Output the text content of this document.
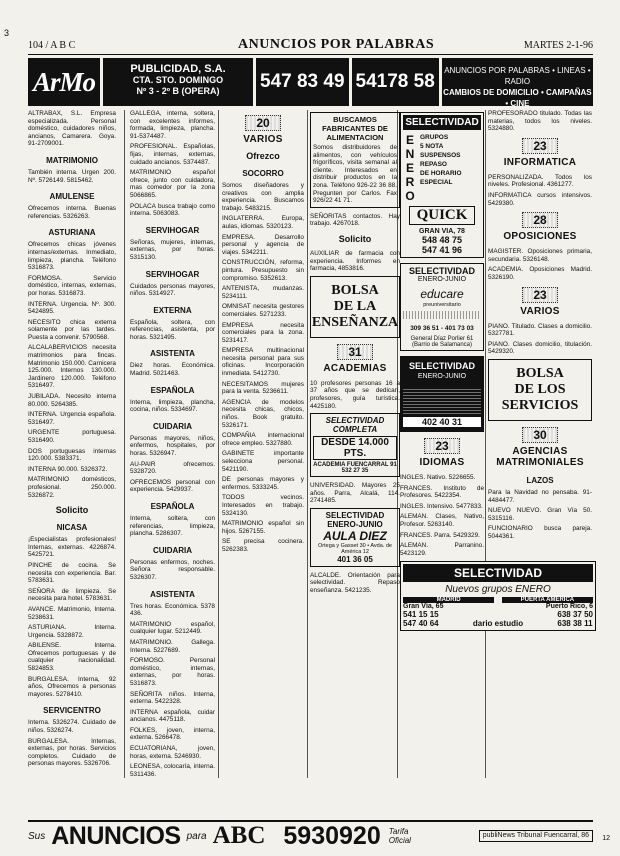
3
104 / A B C	ANUNCIOS POR PALABRAS	MARTES 2-1-96
ArMo	PUBLICIDAD, S.A.
CTA. STO. DOMINGO
Nº 3 - 2º B (OPERA)	547 83 49 54178 58
ANUNCIOS POR PALABRAS • LINEAS • RADIO
CAMBIOS DE DOMICILIO • CAMPAÑAS • CINE
ALTRABAX, S.L. Empresa especializada. Personal doméstico, cuidadores niños, ancianos, Camarera. Goya. 91-2709001.
MATRIMONIO
También interna. Urgen 200. Nº. 5726149. 5815462.
AMULENSE
Ofrecemos interna. Buenas referencias. 5326263.
ASTURIANA
Ofrecemos chicas jóvenes internas/externas. Inmediato, limpieza, plancha. Teléfono 5316873.
FORMOSA. Servicio doméstico, internas, externas, por horas. 5316873.
INTERNA. Urgencia. Nº. 300. 5424895.
NECESITO chica externa solamente por las tardes. Puesta a convenir. 5790568.
ALCALABERVICIOS necesita matrimonios para fincas. Matrimonio 150.000. Carnicera 125.000. Internos 130.000. Jardinero 120.000. Teléfono 5316497.
JUBILADA. Necesito interna 80.000. 5264385.
INTERNA. Urgencia española. 5316497.
URGENTE portuguesa. 5316490.
DOS portuguesas internas 120.000. 5383371.
INTERNA 90.000. 5326372.
MATRIMONIO domésticos, profesional. 250.000. 5326872.
Solicito
NICASA
¡Especialistas profesionales! Internas, externas. 4226874. 5425721.
PINCHE de cocina. Se necesita con experiencia. Bar. 5783631.
SEÑORA de limpieza. Se necesita para hotel. 5783631.
AVANCE. Matrimonio, Interna. 5238631.
ASTURIANA. Interna. Urgencia. 5328872.
ABILENSE. Interna. Ofrecemos portuguesas y de cualquier nacionalidad. 5824853.
BURGALESA. Interna, 92 años, Ofrecemos a personas mayores. 5278410.
SERVICENTRO
Interna. 5326274. Cuidado de niños. 5326274.
BURGALESA. Internas, externas, por horas. Servicios completos. Cuidado de personas mayores. 5326706.
GALLEGA, interna, soltera, con excelentes informes, formada, limpieza, plancha. 91-5374487.
PROFESIONAL. Españolas, fijas, internas, externas, cuidado ancianos. 5374487.
MATRIMONIO español ofrece, junto con cuidadora, mas comedor por la zona 5066865.
POLACA busca trabajo como interna. 5063083.
SERVIHOGAR
Señoras, mujeres, internas, externas, por horas. 5315130.
SERVIHOGAR
Cuidados personas mayores, niños. 5314927.
EXTERNA
Española, soltera, con referencias, asistenta, por horas. 5321495.
ASISTENTA
Diez horas. Económica. Madrid. 5021463.
ESPAÑOLA
Interna, limpieza, plancha, cocina, niños. 5334697.
CUIDARIA
Personas mayores, niños, enfermos, hospitales, por horas. 5326947.
AU-PAIR ofrecemos. 5328720.
OFRECEMOS personal con experiencia. 5429937.
ESPAÑOLA
Interna, soltera, con referencias, limpieza, plancha. 5286307.
CUIDARIA
Personas enfermos, noches. Señora responsable. 5326307.
ASISTENTA
Tres horas. Económica. 5378 436.
MATRIMONIO español, cualquier lugar. 5212449.
MATRIMONIO. Gallega. Interna. 5227689.
FORMOSO. Personal doméstico, internas, externas, por horas. 5316873.
SEÑORITA niños. Interna, externa. 5422328.
INTERNA española, cuidar ancianos. 4475118.
FOLKES, joven, interna, externa. 5266478.
ECUATORIANA, joven, horas, externa. 5246930.
LEONESA, colocaría, interna. 5311436.
20
VARIOS
Ofrezco
SOCORRO
Somos diseñadores y creativos con amplia experiencia. Buscamos trabajo. 5483215.
INGLATERRA. Europa, aulas, idiomas. 5320123.
EMPRESA. Desarrollo personal y agencia de viajes. 5342211.
CONSTRUCCIÓN, reforma, pintura. Presupuesto sin compromiso. 5352613.
ANTENISTA, mudanzas. 5234111.
OMNISAT necesita gestores comerciales. 5271233.
EMPRESA necesita comerciales para la zona. 5231417.
EMPRESA multinacional necesita personal para sus oficinas. Incorporación inmediata. 5412730.
NECESITAMOS mujeres para la venta. 5236611.
AGENCIA de modelos necesita chicas, chicos, niños. Book gratuito. 5326171.
COMPAÑIA internacional ofrece empleo. 5327880.
GABINETE importante selecciona personal. 5421190.
DE personas mayores y enfermos. 5333245.
TODOS vecinos. Interesados en trabajo. 5324130.
MATRIMONIO español sin hijos. 5267155.
SE precisa cocinera. 5262383.
BUSCAMOS FABRICANTES DE ALIMENTACION
Somos distribuidores de alimentos, con vehículos frigoríficos, visita semanal al cliente. Interesados en distribuir productos en la zona. Teléfono 926-22 36 88. Pregunten por Carlos. Fax 926/22 41 71.
SEÑORITAS contactos. Hay trabajo. 4267018.
Solicito
AUXILIAR de farmacia con experiencia. Informes en farmacia, 4853816.
BOLSA
DE LA
ENSEÑANZA
31
ACADEMIAS
10 profesores personas 16 a 37 años que se dedican, profesores, guía turística. 4425180.
SELECTIVIDAD COMPLETA
DESDE 14.000 PTS.
ACADEMIA FUENCARRAL 91 532 27 35
UNIVERSIDAD. Mayores 25 años. Parra, Alcalá, 114. 2741485.
SELECTIVIDAD ENERO-JUNIO
AULA DIEZ
Ortega y Gasset 30 • Avda. de América 12
401 36 05
ALCALDE. Orientación para selectividad. Repaso enseñanza. 5421235.
SELECTIVIDAD
E
N
E
R
O
GRUPOS
5 NOTA
SUSPENSOS
REPASO
DE HORARIO
ESPECIAL
QUICK
GRAN VIA, 78
548 48 75
547 41 96
SELECTIVIDAD
ENERO-JUNIO
educare
preuniversitario
309 36 51 - 401 73 03
General Díaz Porlier 61 (Barrio de Salamanca)
SELECTIVIDAD
ENERO-JUNIO
402 40 31
23
IDIOMAS
INGLES. Nativo. 5226655.
FRANCES. Instituto de Profesores. 5422354.
INGLES. Intensivo. 5477833.
ALEMAN. Clases, Nativo, Profesor. 5263140.
FRANCES. Parra. 5429329.
ALEMAN. Parranino. 5423129.
SELECTIVIDAD
Nuevos grupos ENERO
MADRID	PUERTA AMERICA
Gran Vía, 65	Puerto Rico, 6
541 15 15
547 40 64	dario estudio
638 37 50
638 38 11
PROFESORADO titulado. Todas las materias, todos los niveles. 5324880.
23
INFORMATICA
PERSONALIZADA. Todos los niveles. Profesional. 4361277.
INFORMATICA cursos intensivos. 5429380.
28
OPOSICIONES
MAGISTER. Oposiciones primaria, secundaria. 5326148.
ACADEMIA. Oposiciones Madrid. 5326190.
23
VARIOS
PIANO. Titulado. Clases a domicilio. 5327781.
PIANO. Clases domicilio, titulación. 5429320.
BOLSA
DE LOS
SERVICIOS
30
AGENCIAS MATRIMONIALES
LAZOS
Para la Navidad no pensaba. 91-4484477.
NUEVO NUEVO. Gran Vía 50. 5315116.
FUNCIONARIO busca pareja. 5044361.
Sus ANUNCIOS para ABC 5930920 Tarifa Oficial
publiNews Tribunal Fuencarral, 86	12
